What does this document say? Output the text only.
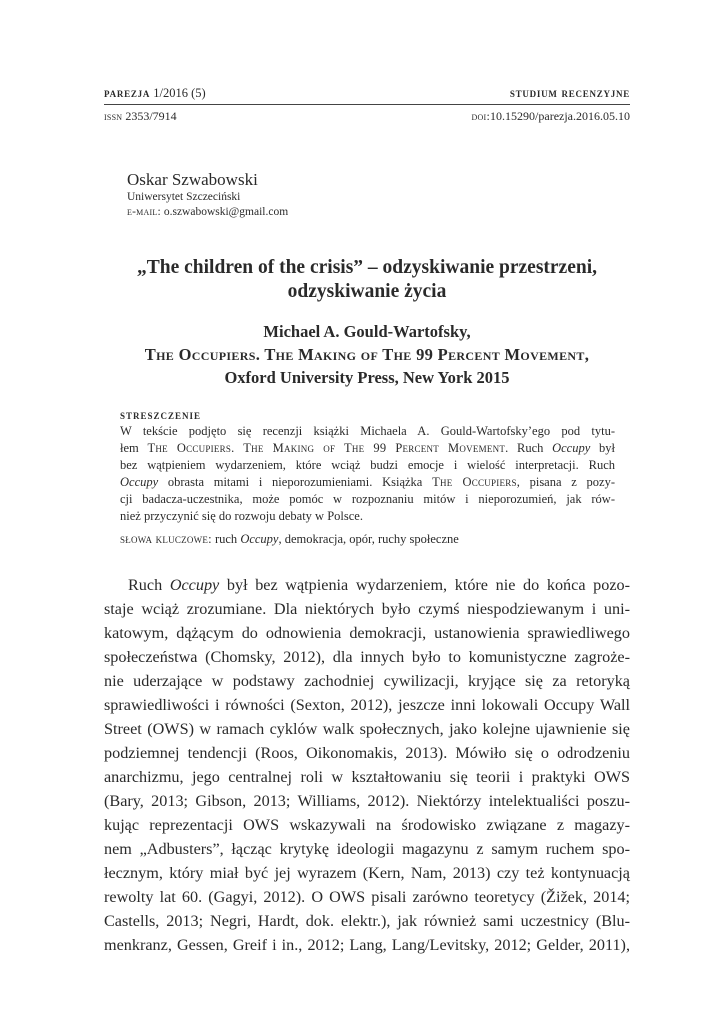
parezja 1/2016 (5)	studium recenzyjne
issn 2353/7914	doi:10.15290/parezja.2016.05.10
Oskar Szwabowski
Uniwersytet Szczeciński
e-mail: o.szwabowski@gmail.com
„The children of the crisis” – odzyskiwanie przestrzeni,
odzyskiwanie życia
Michael A. Gould-Wartofsky,
The Occupiers. The Making of The 99 Percent Movement,
Oxford University Press, New York 2015
streszczenie

W tekście podjęto się recenzji książki Michaela A. Gould-Wartofsky’ego pod tytu-

łem The Occupiers. The Making of The 99 Percent Movement. Ruch Occupy był

bez wątpieniem wydarzeniem, które wciąż budzi emocje i wielość interpretacji. Ruch

Occupy obrasta mitami i nieporozumieniami. Książka The Occupiers, pisana z pozy-

cji badacza-uczestnika, może pomóc w rozpoznaniu mitów i nieporozumień, jak rów-

nież przyczynić się do rozwoju debaty w Polsce.

słowa kluczowe: ruch Occupy, demokracja, opór, ruchy społeczne
Ruch Occupy był bez wątpienia wydarzeniem, które nie do końca pozo-
staje wciąż zrozumiane. Dla niektórych było czymś niespodziewanym i uni-
katowym, dążącym do odnowienia demokracji, ustanowienia sprawiedliwego
społeczeństwa (Chomsky, 2012), dla innych było to komunistyczne zagroże-
nie uderzające w podstawy zachodniej cywilizacji, kryjące się za retoryką
sprawiedliwości i równości (Sexton, 2012), jeszcze inni lokowali Occupy Wall
Street (OWS) w ramach cyklów walk społecznych, jako kolejne ujawnienie się
podziemnej tendencji (Roos, Oikonomakis, 2013). Mówiło się o odrodzeniu
anarchizmu, jego centralnej roli w kształtowaniu się teorii i praktyki OWS
(Bary, 2013; Gibson, 2013; Williams, 2012). Niektórzy intelektualiści poszu-
kując reprezentacji OWS wskazywali na środowisko związane z magazy-
nem „Adbusters”, łącząc krytykę ideologii magazynu z samym ruchem spo-
łecznym, który miał być jej wyrazem (Kern, Nam, 2013) czy też kontynuacją
rewolty lat 60. (Gagyi, 2012). O OWS pisali zarówno teoretycy (Žižek, 2014;
Castells, 2013; Negri, Hardt, dok. elektr.), jak również sami uczestnicy (Blu-
menkranz, Gessen, Greif i in., 2012; Lang, Lang/Levitsky, 2012; Gelder, 2011),
